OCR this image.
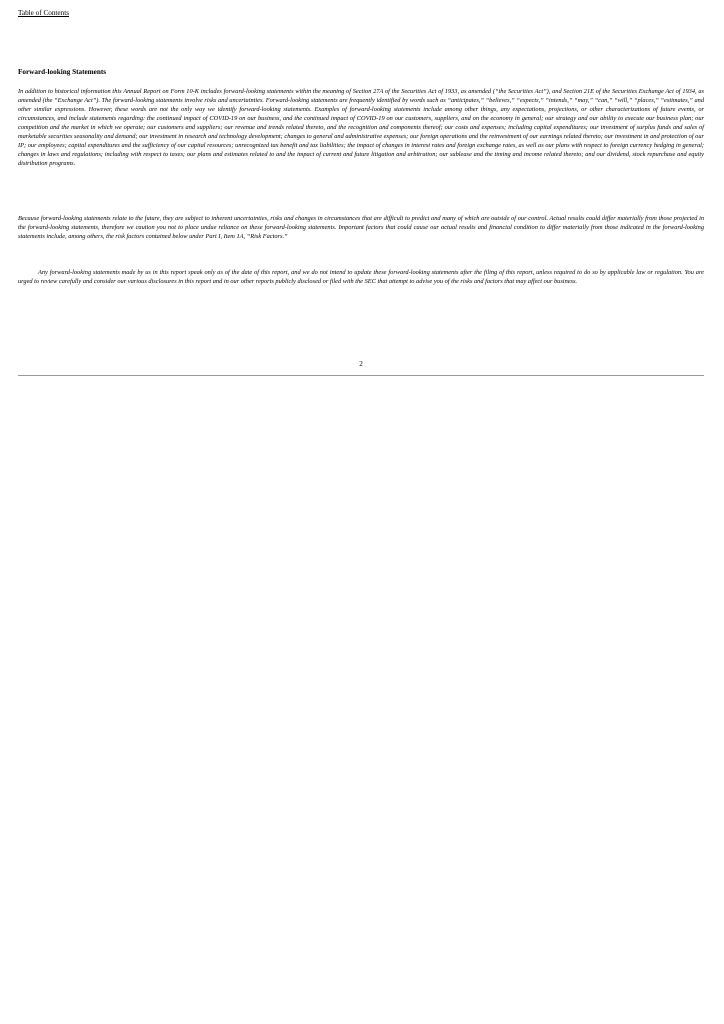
Table of Contents
Forward-looking Statements

In addition to historical information this Annual Report on Form 10-K includes forward-looking statements within the meaning of Section 27A of the Securities Act of 1933, as amended (“the Securities Act”), and Section 21E of the Securities Exchange Act of 1934, as amended (the “Exchange Act”). The forward-looking statements involve risks and uncertainties. Forward-looking statements are frequently identified by words such as “anticipates,” “believes,” “expects,” “intends,” “may,” “can,” “will,” “places,” “estimates,” and other similar expressions. However, these words are not the only way we identify forward-looking statements. Examples of forward-looking statements include among other things, any expectations, projections, or other characterizations of future events, or circumstances, and include statements regarding: the continued impact of COVID-19 on our business, and the continued impact of COVID-19 on our customers, suppliers, and on the economy in general; our strategy and our ability to execute our business plan; our competition and the market in which we operate; our customers and suppliers; our revenue and trends related thereto, and the recognition and components thereof; our costs and expenses; including capital expenditures; our investment of surplus funds and sales of marketable securities seasonality and demand; our investment in research and technology development; changes to general and administrative expenses; our foreign operations and the reinvestment of our earnings related thereto; our investment in and protection of our IP; our employees; capital expenditures and the sufficiency of our capital resources; unrecognized tax benefit and tax liabilities; the impact of changes in interest rates and foreign exchange rates, as well as our plans with respect to foreign currency hedging in general; changes in laws and regulations; including with respect to taxes; our plans and estimates related to and the impact of current and future litigation and arbitration; our sublease and the timing and income related thereto; and our dividend, stock repurchase and equity distribution programs.

Because forward-looking statements relate to the future, they are subject to inherent uncertainties, risks and changes in circumstances that are difficult to predict and many of which are outside of our control. Actual results could differ materially from those projected in the forward-looking statements, therefore we caution you not to place undue reliance on these forward-looking statements. Important factors that could cause our actual results and financial condition to differ materially from those indicated in the forward-looking statements include, among others, the risk factors contained below under Part I, Item 1A, “Risk Factors.”

Any forward-looking statements made by us in this report speak only as of the date of this report, and we do not intend to update these forward-looking statements after the filing of this report, unless required to do so by applicable law or regulation. You are urged to review carefully and consider our various disclosures in this report and in our other reports publicly disclosed or filed with the SEC that attempt to advise you of the risks and factors that may affect our business.

2
